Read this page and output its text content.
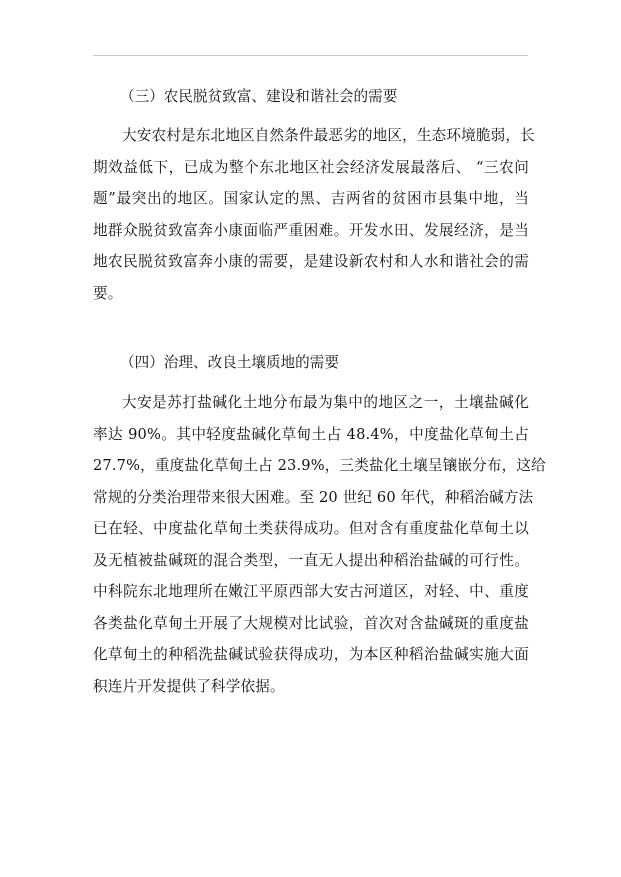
（三）农民脱贫致富、建设和谐社会的需要
大安农村是东北地区自然条件最恶劣的地区，生态环境脆弱，长
期效益低下，已成为整个东北地区社会经济发展最落后、 “三农问
题”最突出的地区。国家认定的黑、吉两省的贫困市县集中地，当
地群众脱贫致富奔小康面临严重困难。开发水田、发展经济，是当
地农民脱贫致富奔小康的需要，是建设新农村和人水和谐社会的需
要。
（四）治理、改良土壤质地的需要
大安是苏打盐碱化土地分布最为集中的地区之一，土壤盐碱化
率达 90%。其中轻度盐碱化草甸土占 48.4%，中度盐化草甸土占
27.7%，重度盐化草甸土占 23.9%，三类盐化土壤呈镶嵌分布，这给
常规的分类治理带来很大困难。至 20 世纪 60 年代，种稻治碱方法
已在轻、中度盐化草甸土类获得成功。但对含有重度盐化草甸土以
及无植被盐碱斑的混合类型，一直无人提出种稻治盐碱的可行性。
中科院东北地理所在嫩江平原西部大安古河道区，对轻、中、重度
各类盐化草甸土开展了大规模对比试验，首次对含盐碱斑的重度盐
化草甸土的种稻洗盐碱试验获得成功，为本区种稻治盐碱实施大面
积连片开发提供了科学依据。
